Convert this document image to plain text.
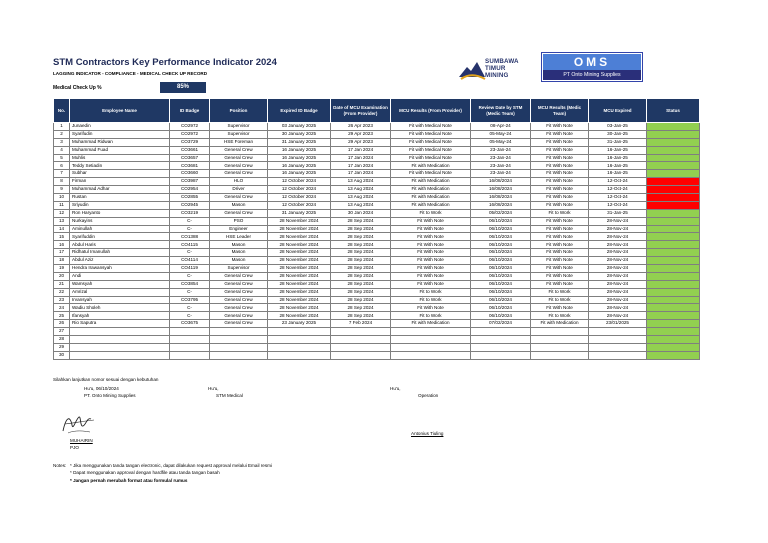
STM Contractors Key Performance Indicator 2024
LAGGING INDICATOR - COMPLIANCE - MEDICAL CHECK UP RECORD
SUMBAWA
TIMUR
MINING
OMS
PT Onto Mining Supplies
Medical Check Up %	85%
No.	Employee Name	ID Badge	Position	Expired ID Badge	Date of MCU Examination (From Provider)	MCU Results (From Provider)	Review Date by STM (Medic Team)	MCU Results (Medic Team)	MCU Expired	Status
1	Junaedin	CO2972	Supervisor	03 January 2025	26 Apr 2023	Fit with Medical Note	08-Apr-24	Fit With Note	03-Jan-25	
2	Syarifudin	CO2972	Supervisor	30 January 2025	29 Apr 2023	Fit with Medical Note	05-May-24	Fit With Note	30-Jan-25	
3	Muhammad Ridwan	CO3729	HSE Foreman	31 January 2025	29 Apr 2023	Fit with Medical Note	05-May-24	Fit With Note	31-Jan-25	
4	Muhammad Fuad	CO3661	General Crew	16 January 2025	17 Jan 2024	Fit with Medical Note	23-Jan-24	Fit With Note	16-Jan-25	
5	Muhlis	CO3657	General Crew	16 January 2025	17 Jan 2024	Fit with Medical Note	23-Jan-24	Fit With Note	16-Jan-25	
6	Teddy Setiadin	CO3681	General Crew	16 January 2025	17 Jan 2024	Fit with Medication	23-Jan-24	Fit With Note	16-Jan-25	
7	Subhar	CO3660	General Crew	16 January 2025	17 Jan 2024	Fit with Medical Note	23-Jan-24	Fit With Note	16-Jan-25	
8	Firman	CO3987	HLO	12 October 2024	13 Aug 2024	Fit with Medication	16/08/2024	Fit With Note	12-Oct-24	
9	Muhammad Adhar	CO2954	Driver	12 October 2024	13 Aug 2024	Fit with Medication	16/08/2024	Fit With Note	12-Oct-24	
10	Rustan	CO2855	General Crew	12 October 2024	13 Aug 2024	Fit with Medication	16/08/2024	Fit With Note	12-Oct-24	
11	Sriyudin	CO2945	Mason	12 October 2024	13 Aug 2024	Fit with Medication	16/08/2024	Fit With Note	12-Oct-24	
12	Ron Haryanto	CO3219	General Crew	31 January 2025	30 Jan 2024	Fit to Work	05/02/2024	Fit to Work	31-Jan-25	
13	Nurkayins	C-	PSO	28 November 2024	28 Sep 2024	Fit With Note	06/10/2024	Fit With Note	28-Nov-24	
14	Aminullah	C-	Engineer	28 November 2024	28 Sep 2024	Fit With Note	06/10/2024	Fit With Note	28-Nov-24	
15	Syarifuddin	CO1388	HSE Leader	28 November 2024	28 Sep 2024	Fit With Note	06/10/2024	Fit With Note	28-Nov-24	
16	Abdul Haris	CO4115	Mason	28 November 2024	28 Sep 2024	Fit With Note	06/10/2024	Fit With Note	28-Nov-24	
17	Ridhatul Imanullah	C-	Mason	28 November 2024	28 Sep 2024	Fit With Note	06/10/2024	Fit With Note	28-Nov-24	
18	Abdul Aziz	CO4114	Mason	28 November 2024	28 Sep 2024	Fit With Note	06/10/2024	Fit With Note	28-Nov-24	
19	Hendra Irawansyah	CO4119	Supervisor	28 November 2024	28 Sep 2024	Fit With Note	06/10/2024	Fit With Note	28-Nov-24	
20	Andi	C-	General Crew	28 November 2024	28 Sep 2024	Fit With Note	06/10/2024	Fit With Note	28-Nov-24	
21	Wamsyah	CO3854	General Crew	28 November 2024	28 Sep 2024	Fit With Note	06/10/2024	Fit With Note	28-Nov-24	
22	Amrizal	C-	General Crew	28 November 2024	28 Sep 2024	Fit to Work	06/10/2024	Fit to Work	28-Nov-24	
23	Irvansyah	CO3795	General Crew	28 November 2024	28 Sep 2024	Fit to Work	06/10/2024	Fit to Work	28-Nov-24	
24	Wadiu Sholeh	C-	General Crew	28 November 2024	28 Sep 2024	Fit With Note	06/10/2024	Fit With Note	28-Nov-24	
25	Ifansyah	C-	General Crew	28 November 2024	28 Sep 2024	Fit to Work	06/10/2024	Fit to Work	28-Nov-24	
26	Rio Saputra	CO3675	General Crew	23 January 2025	7 Feb 2024	Fit with Medication	07/02/2024	Fit with Medication	23/01/2025	
27										
28										
29										
30										
Silahkan lanjutkan nomor sesuai dengan kebutuhan
Hu'u, 06/10/2024
PT. Onto Mining Supplies
Hu'u,
STM Medical
Hu'u,
Operation
MUHAIRIN
PJO
Antonius Tiuling
Notes: * Jika menggunakan tanda tangan electronic, dapat dilakukan request approval melalui Email resmi
* Dapat menggunakan approval dengan hardfile atau tanda tangan basah
* Jangan pernah merubah format atau formula/ rumus
